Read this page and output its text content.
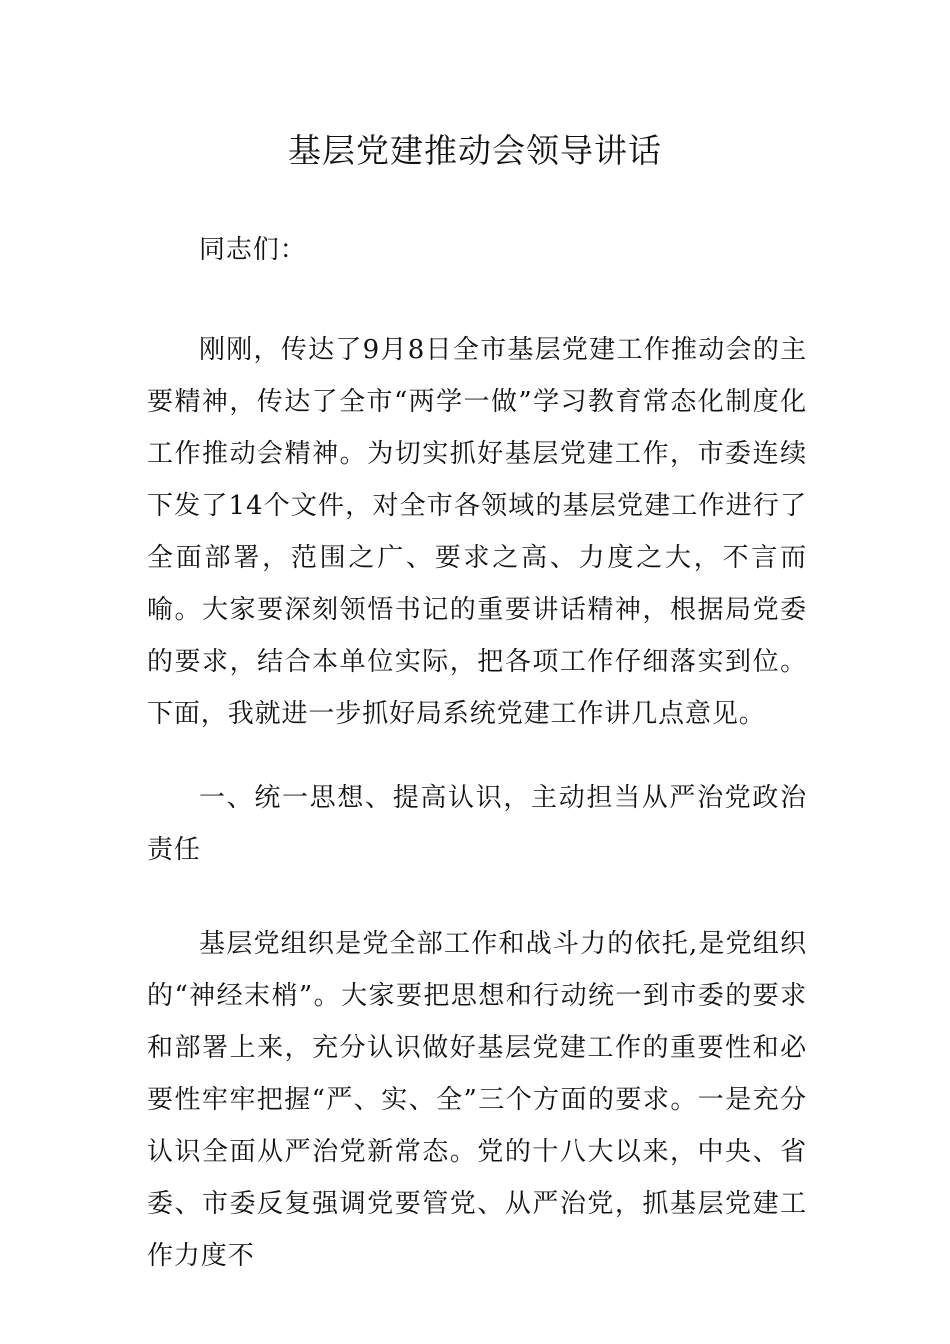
基层党建推动会领导讲话

同志们：

刚刚，传达了9月8日全市基层党建工作推动会的主要精神，传达了全市“两学一做”学习教育常态化制度化工作推动会精神。为切实抓好基层党建工作，市委连续下发了14个文件，对全市各领域的基层党建工作进行了全面部署，范围之广、要求之高、力度之大，不言而喻。大家要深刻领悟书记的重要讲话精神，根据局党委的要求，结合本单位实际，把各项工作仔细落实到位。下面，我就进一步抓好局系统党建工作讲几点意见。

一、统一思想、提高认识，主动担当从严治党政治责任

基层党组织是党全部工作和战斗力的依托,是党组织的“神经末梢”。大家要把思想和行动统一到市委的要求和部署上来，充分认识做好基层党建工作的重要性和必要性牢牢把握“严、实、全”三个方面的要求。一是充分认识全面从严治党新常态。党的十八大以来，中央、省委、市委反复强调党要管党、从严治党，抓基层党建工作力度不
